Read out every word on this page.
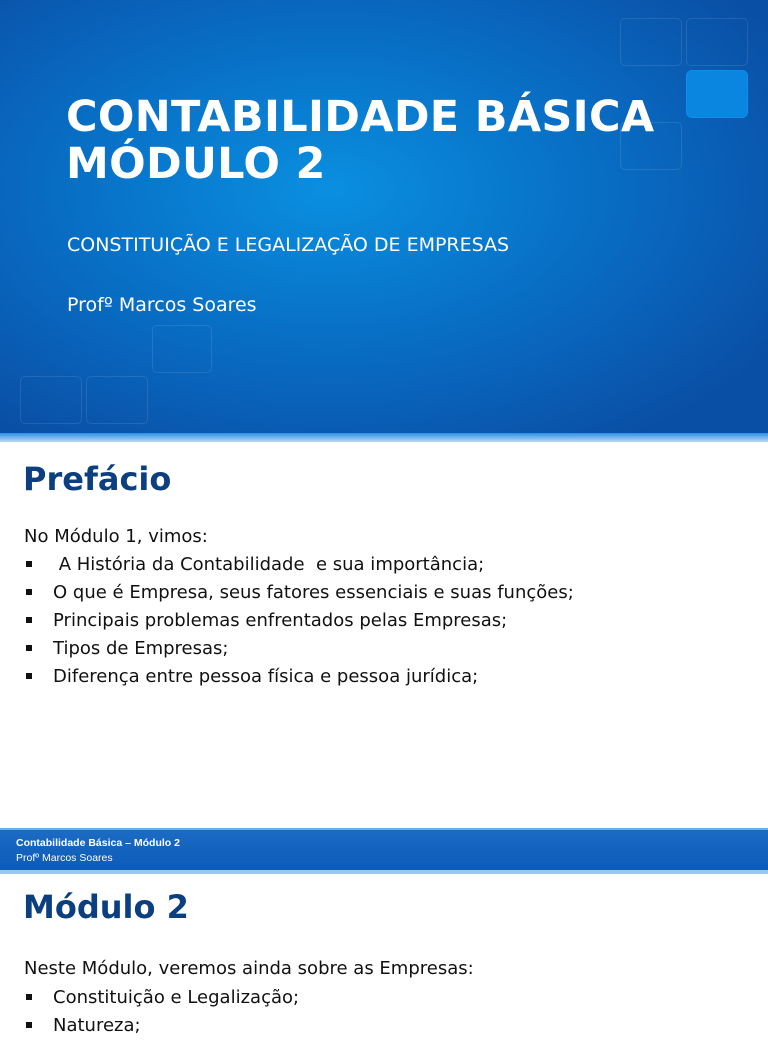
CONTABILIDADE BÁSICA
MÓDULO 2

CONSTITUIÇÃO E LEGALIZAÇÃO DE EMPRESAS

Profº Marcos Soares

Prefácio

No Módulo 1, vimos:

A História da Contabilidade  e sua importância;
O que é Empresa, seus fatores essenciais e suas funções;
Principais problemas enfrentados pelas Empresas;
Tipos de Empresas;
Diferença entre pessoa física e pessoa jurídica;

Contabilidade Básica – Módulo 2

Profº Marcos Soares

Módulo 2

Neste Módulo, veremos ainda sobre as Empresas:

Constituição e Legalização;
Natureza;
